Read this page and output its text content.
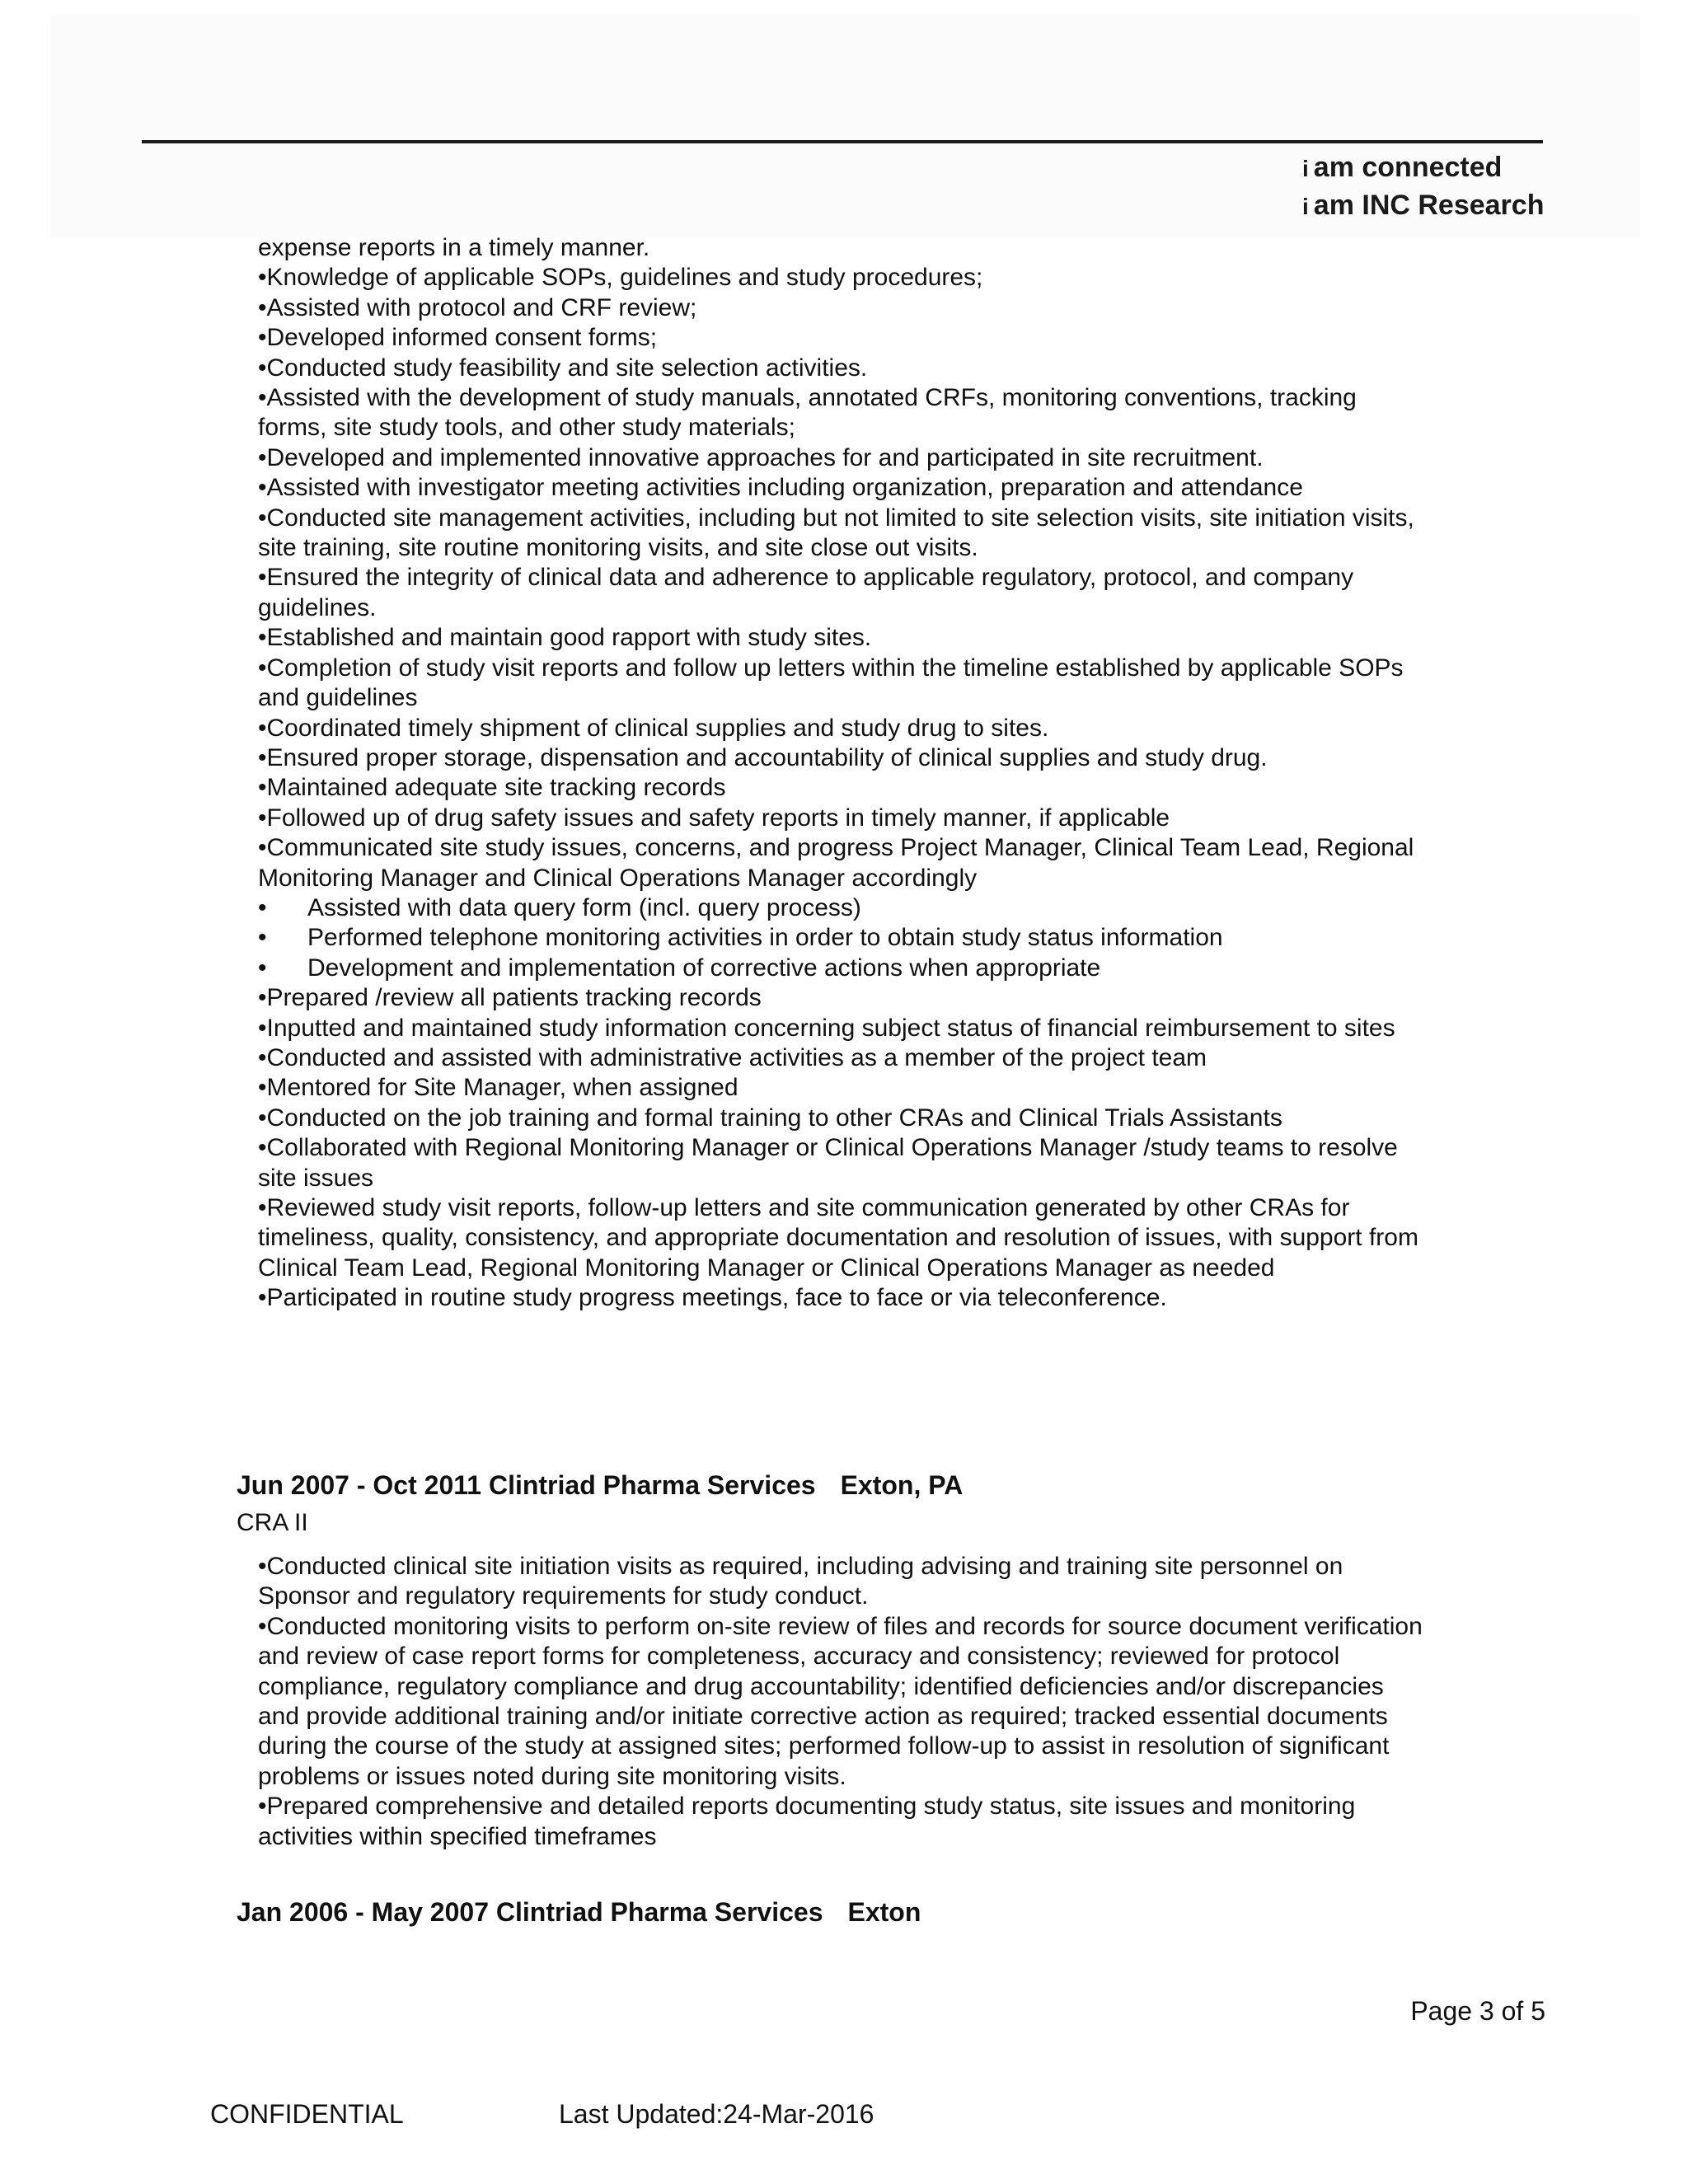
i am connected
i am INC Research
expense reports in a timely manner.
•Knowledge of applicable SOPs, guidelines and study procedures;
•Assisted with protocol and CRF review;
•Developed informed consent forms;
•Conducted study feasibility and site selection activities.
•Assisted with the development of study manuals, annotated CRFs, monitoring conventions, tracking
forms, site study tools, and other study materials;
•Developed and implemented innovative approaches for and participated in site recruitment.
•Assisted with investigator meeting activities including organization, preparation and attendance
•Conducted site management activities, including but not limited to site selection visits, site initiation visits,
site training, site routine monitoring visits, and site close out visits.
•Ensured the integrity of clinical data and adherence to applicable regulatory, protocol, and company
guidelines.
•Established and maintain good rapport with study sites.
•Completion of study visit reports and follow up letters within the timeline established by applicable SOPs
and guidelines
•Coordinated timely shipment of clinical supplies and study drug to sites.
•Ensured proper storage, dispensation and accountability of clinical supplies and study drug.
•Maintained adequate site tracking records
•Followed up of drug safety issues and safety reports in timely manner, if applicable
•Communicated site study issues, concerns, and progress Project Manager, Clinical Team Lead, Regional
Monitoring Manager and Clinical Operations Manager accordingly
• Assisted with data query form (incl. query process)
• Performed telephone monitoring activities in order to obtain study status information
• Development and implementation of corrective actions when appropriate
•Prepared /review all patients tracking records
•Inputted and maintained study information concerning subject status of financial reimbursement to sites
•Conducted and assisted with administrative activities as a member of the project team
•Mentored for Site Manager, when assigned
•Conducted on the job training and formal training to other CRAs and Clinical Trials Assistants
•Collaborated with Regional Monitoring Manager or Clinical Operations Manager /study teams to resolve
site issues
•Reviewed study visit reports, follow-up letters and site communication generated by other CRAs for
timeliness, quality, consistency, and appropriate documentation and resolution of issues, with support from
Clinical Team Lead, Regional Monitoring Manager or Clinical Operations Manager as needed
•Participated in routine study progress meetings, face to face or via teleconference.
Jun 2007 - Oct 2011 Clintriad Pharma Services Exton, PA
CRA II
•Conducted clinical site initiation visits as required, including advising and training site personnel on
Sponsor and regulatory requirements for study conduct.
•Conducted monitoring visits to perform on-site review of files and records for source document verification
and review of case report forms for completeness, accuracy and consistency; reviewed for protocol
compliance, regulatory compliance and drug accountability; identified deficiencies and/or discrepancies
and provide additional training and/or initiate corrective action as required; tracked essential documents
during the course of the study at assigned sites; performed follow-up to assist in resolution of significant
problems or issues noted during site monitoring visits.
•Prepared comprehensive and detailed reports documenting study status, site issues and monitoring
activities within specified timeframes
Jan 2006 - May 2007 Clintriad Pharma Services Exton
Page 3 of 5
CONFIDENTIAL	Last Updated:24-Mar-2016
